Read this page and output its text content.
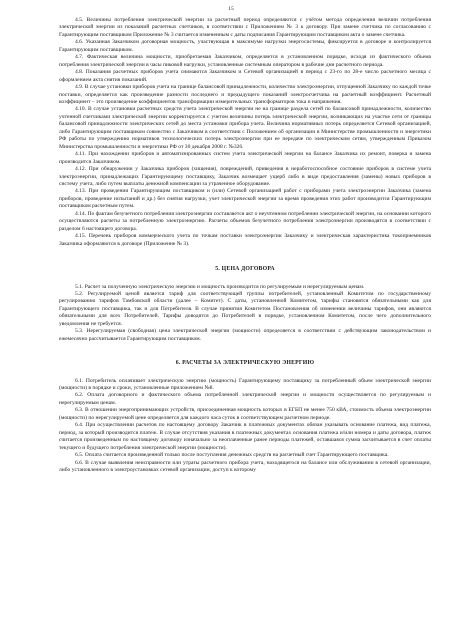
15

4.5. Величины потребления электрической энергии за расчетный период определяются с учётом метода определения величин потребления электрической энергии из показаний расчетных счетчиков, в соответствии с Приложением № 3 к договору. При замене счетчика по согласованию с Гарантирующим поставщиком Приложение № 3 считается измененным с даты подписания Гарантирующим поставщиком акта о замене счетчика.

4.6. Указанная Заказчиком договорная мощность, участвующая в максимуме нагрузки энергосистемы, фиксируется в договоре и контролируется Гарантирующим поставщиком.

4.7. Фактическая величина мощности, приобретаемая Заказчиком, определяется в установленном порядке, исходя из фактического объема потребления электрической энергии в часы пиковой нагрузки, установленные системным оператором в рабочие дни расчетного периода.

4.8. Показания расчетных приборов учета снимаются Заказчиком и Сетевой организацией в период с 23-го по 28-е число расчетного месяца с оформлением акта снятия показаний.

4.9. В случае установки приборов учета на границе балансовой принадлежности, количество электроэнергии, отпущенной Заказчику по каждой точке поставки, определяется как произведение разности последнего и предыдущего показаний электросчетчика на расчетный коэффициент. Расчетный коэффициент – это произведение коэффициентов трансформации измерительных трансформаторов тока и напряжения.

4.10. В случае установки расчетных средств учета электрической энергии не на границе раздела сетей по балансовой принадлежности, количество учтенной счетчиками электрической энергии корректируется с учетом величины потерь электрической энергии, возникающих на участке сети от границы балансовой принадлежности электрических сетей до места установки прибора учета. Величина нормативных потерь определяется Сетевой организацией, либо Гарантирующим поставщиком совместно с Заказчиком в соответствии с Положением об организации в Министерстве промышленности и энергетики РФ работы по утверждению нормативов технологических потерь электроэнергии при ее передаче по электрическим сетям, утвержденным Приказом Министерства промышленности и энергетики РФ от 30 декабря 2008 г. №326.

4.11. При нахождении приборов и автоматизированных систем учета электрической энергии на балансе Заказчика их ремонт, поверка и замена производится Заказчиком.

4.12. При обнаружении у Заказчика приборов (хищения), повреждений, приведения в неработоспособное состояние приборов в системе учета электроэнергии, принадлежащих Гарантирующему поставщику, Заказчик возмещает ущерб либо в виде предоставления (замены) новых приборов в систему учета, либо путем выплаты денежной компенсации за утраченное оборудование.

4.13. При проведении Гарантирующим поставщиком и (или) Сетевой организацией работ с приборами учета электроэнергии Заказчика (замена приборов, проведение испытаний и др.) без снятия нагрузки, учет электрической энергии за время проведения этих работ производится Гарантирующим поставщиком расчетным путем.

4.14. По фактам безучетного потребления электроэнергии составляется акт о неучтенном потреблении электрической энергии, на основании которого осуществляются расчеты за потребленную электроэнергию. Расчеты объемов безучетного потребления электроэнергии производятся в соответствии с разделом 6 настоящего договора.

4.15. Перечень приборов коммерческого учета по точкам поставки электроэнергии Заказчику и электрическая характеристика токоприемников Заказчика оформляются в договоре (Приложение № 3).

5. ЦЕНА ДОГОВОРА

5.1. Расчет за полученную электрическую энергию и мощность производится по регулируемым и нерегулируемым ценам.

5.2. Регулируемой ценой является тариф для соответствующей группы потребителей, установленный Комитетом по государственному регулированию тарифов Тамбовской области (далее – Комитет). С даты, установленной Комитетом, тарифы становятся обязательными как для Гарантирующего поставщика, так и для Потребителя. В случае принятия Комитетом Постановления об изменении величины тарифов, они являются обязательными для всех Потребителей. Тарифы доводятся до Потребителей в порядке, установленном Комитетом, после чего дополнительного уведомления не требуется.

5.3. Нерегулируемая (свободная) цена электрической энергии (мощности) определяется в соответствии с действующим законодательством и ежемесячно рассчитывается Гарантирующим поставщиком.

6. РАСЧЕТЫ ЗА ЭЛЕКТРИЧЕСКУЮ ЭНЕРГИЮ

6.1. Потребитель оплачивает электрическую энергию (мощность) Гарантирующему поставщику за потребленный объем электрической энергии (мощности) в порядке и сроки, установленные приложением №8.

6.2. Оплата договорного и фактического объема потребленной электрической энергии и мощности осуществляется по регулируемым и нерегулируемым ценам.

6.3. В отношении энергопринимающих устройств, присоединенная мощность которых в ЕГБП не менее 750 кВА, стоимость объема электроэнергии (мощности) по нерегулируемой цене определяется для каждого часа суток в соответствующем расчетном периоде.

6.4. При осуществлении расчетов по настоящему договору Заказчик в платежных документах обязан указывать основание платежа, вид платежа, период, за который производится платеж. В случае отсутствия указания в платежных документах основания платежа и/или номера и даты договора, платеж считается произведенным по настоящему договору изначально за неоплаченные ранее периоды платежей, оставшаяся сумма засчитывается в счет оплаты текущего и будущего потребления электрической энергии (мощности).

6.5. Оплата считается произведенной только после поступления денежных средств на расчетный счет Гарантирующего поставщика.

6.6. В случае выявления неисправности или утраты расчетного прибора учета, находящегося на балансе или обслуживании в сетевой организации, либо установленного в электроустановках сетевой организации, доступ к которому
